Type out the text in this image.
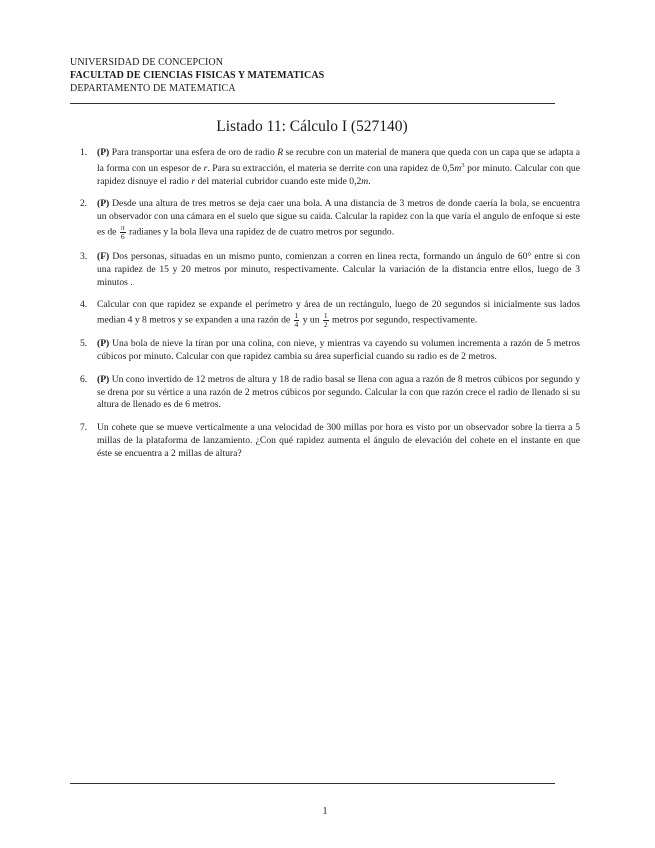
UNIVERSIDAD DE CONCEPCION
FACULTAD DE CIENCIAS FISICAS Y MATEMATICAS
DEPARTAMENTO DE MATEMATICA
Listado 11: Cálculo I (527140)
1. (P) Para transportar una esfera de oro de radio R se recubre con un material de manera que queda con un capa que se adapta a la forma con un espesor de r. Para su extracción, el materia se derrite con una rapidez de $0,5m^3$ por minuto. Calcular con que rapidez disnuye el radio r del material cubridor cuando este mide 0,2m.
2. (P) Desde una altura de tres metros se deja caer una bola. A una distancia de 3 metros de donde caería la bola, se encuentra un observador con una cámara en el suelo que sigue su caida. Calcular la rapidez con la que varía el angulo de enfoque si este es de $\frac{\pi}{6}$ radianes y la bola lleva una rapidez de de cuatro metros por segundo.
3. (F) Dos personas, situadas en un mismo punto, comienzan a corren en linea recta, formando un ángulo de 60° entre si con una rapidez de 15 y 20 metros por minuto, respectivamente. Calcular la variación de la distancia entre ellos, luego de 3 minutos .
4. Calcular con que rapidez se expande el perímetro y área de un rectángulo, luego de 20 segundos si inicialmente sus lados median 4 y 8 metros y se expanden a una razón de $\frac{1}{4}$ y un $\frac{1}{2}$ metros por segundo, respectivamente.
5. (P) Una bola de nieve la tíran por una colina, con nieve, y mientras va cayendo su volumen incrementa a razón de 5 metros cúbicos por minuto. Calcular con que rapidez cambia su área superficial cuando su radio es de 2 metros.
6. (P) Un cono invertido de 12 metros de altura y 18 de radio basal se llena con agua a razón de 8 metros cúbicos por segundo y se drena por su vértice a una razón de 2 metros cúbicos por segundo. Calcular la con que razón crece el radio de llenado si su altura de llenado es de 6 metros.
7. Un cohete que se mueve verticalmente a una velocidad de 300 millas por hora es visto por un observador sobre la tierra a 5 millas de la plataforma de lanzamiento. ¿Con qué rapidez aumenta el ángulo de elevación del cohete en el instante en que éste se encuentra a 2 millas de altura?
1
